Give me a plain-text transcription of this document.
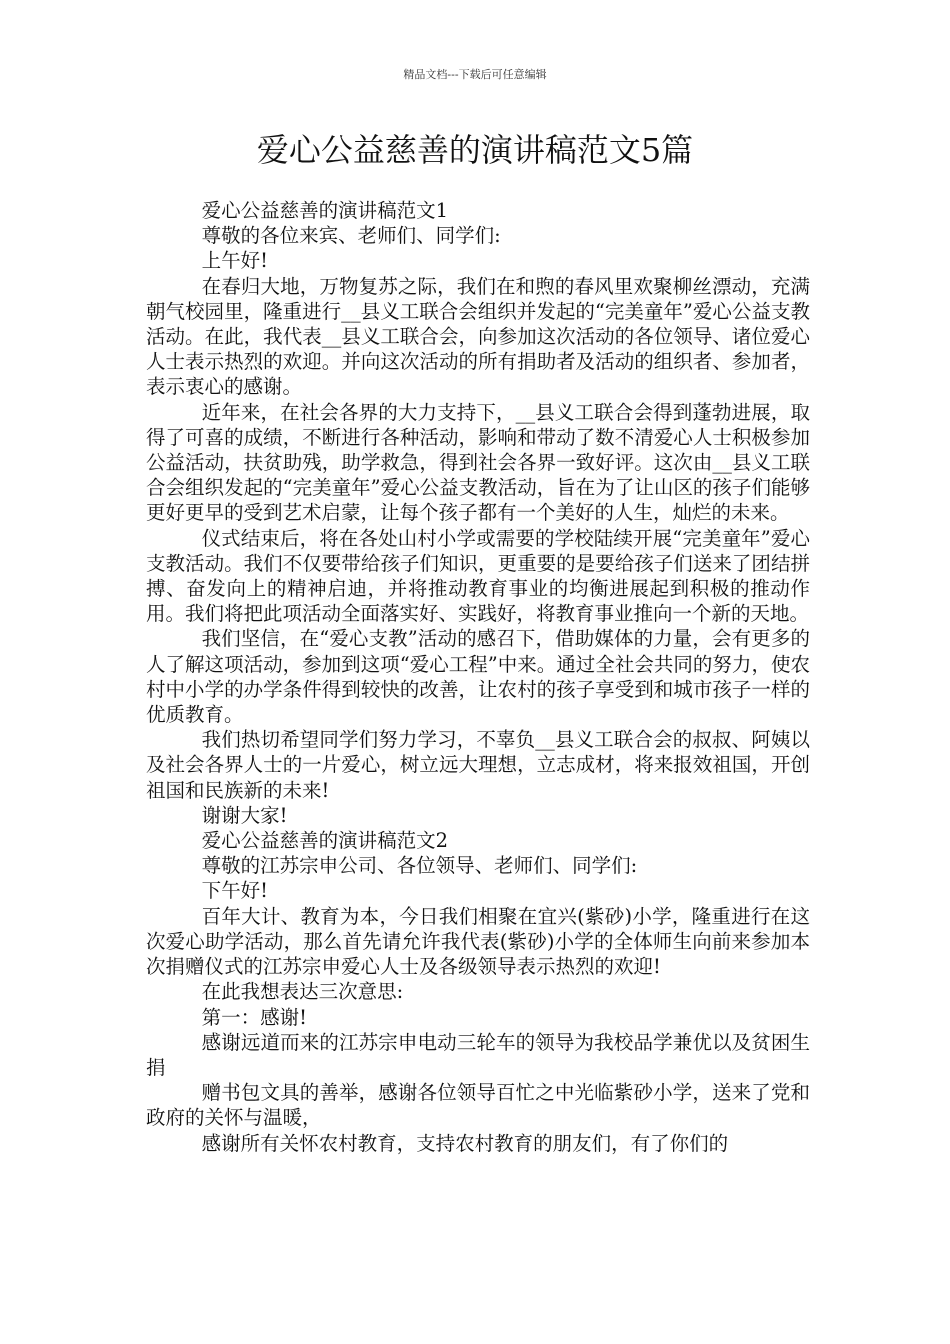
精品文档---下载后可任意编辑
爱心公益慈善的演讲稿范文5篇

爱心公益慈善的演讲稿范文1

尊敬的各位来宾、老师们、同学们:

上午好!

在春归大地，万物复苏之际，我们在和煦的春风里欢聚柳丝漂动，充满朝气校园里，隆重进行__县义工联合会组织并发起的“完美童年”爱心公益支教活动。在此，我代表__县义工联合会，向参加这次活动的各位领导、诸位爱心人士表示热烈的欢迎。并向这次活动的所有捐助者及活动的组织者、参加者，表示衷心的感谢。

近年来，在社会各界的大力支持下，__县义工联合会得到蓬勃进展，取得了可喜的成绩，不断进行各种活动，影响和带动了数不清爱心人士积极参加公益活动，扶贫助残，助学救急，得到社会各界一致好评。这次由__县义工联合会组织发起的“完美童年”爱心公益支教活动，旨在为了让山区的孩子们能够更好更早的受到艺术启蒙，让每个孩子都有一个美好的人生，灿烂的未来。

仪式结束后，将在各处山村小学或需要的学校陆续开展“完美童年”爱心支教活动。我们不仅要带给孩子们知识，更重要的是要给孩子们送来了团结拼搏、奋发向上的精神启迪，并将推动教育事业的均衡进展起到积极的推动作用。我们将把此项活动全面落实好、实践好，将教育事业推向一个新的天地。

我们坚信，在“爱心支教”活动的感召下，借助媒体的力量，会有更多的人了解这项活动，参加到这项“爱心工程”中来。通过全社会共同的努力，使农村中小学的办学条件得到较快的改善，让农村的孩子享受到和城市孩子一样的优质教育。

我们热切希望同学们努力学习，不辜负__县义工联合会的叔叔、阿姨以及社会各界人士的一片爱心，树立远大理想，立志成材，将来报效祖国，开创祖国和民族新的未来!

谢谢大家!

爱心公益慈善的演讲稿范文2

尊敬的江苏宗申公司、各位领导、老师们、同学们:

下午好!

百年大计、教育为本，今日我们相聚在宜兴(紫砂)小学，隆重进行在这次爱心助学活动，那么首先请允许我代表(紫砂)小学的全体师生向前来参加本次捐赠仪式的江苏宗申爱心人士及各级领导表示热烈的欢迎!

在此我想表达三次意思:

第一：感谢!

感谢远道而来的江苏宗申电动三轮车的领导为我校品学兼优以及贫困生捐

赠书包文具的善举，感谢各位领导百忙之中光临紫砂小学，送来了党和政府的关怀与温暖，

感谢所有关怀农村教育，支持农村教育的朋友们，有了你们的
